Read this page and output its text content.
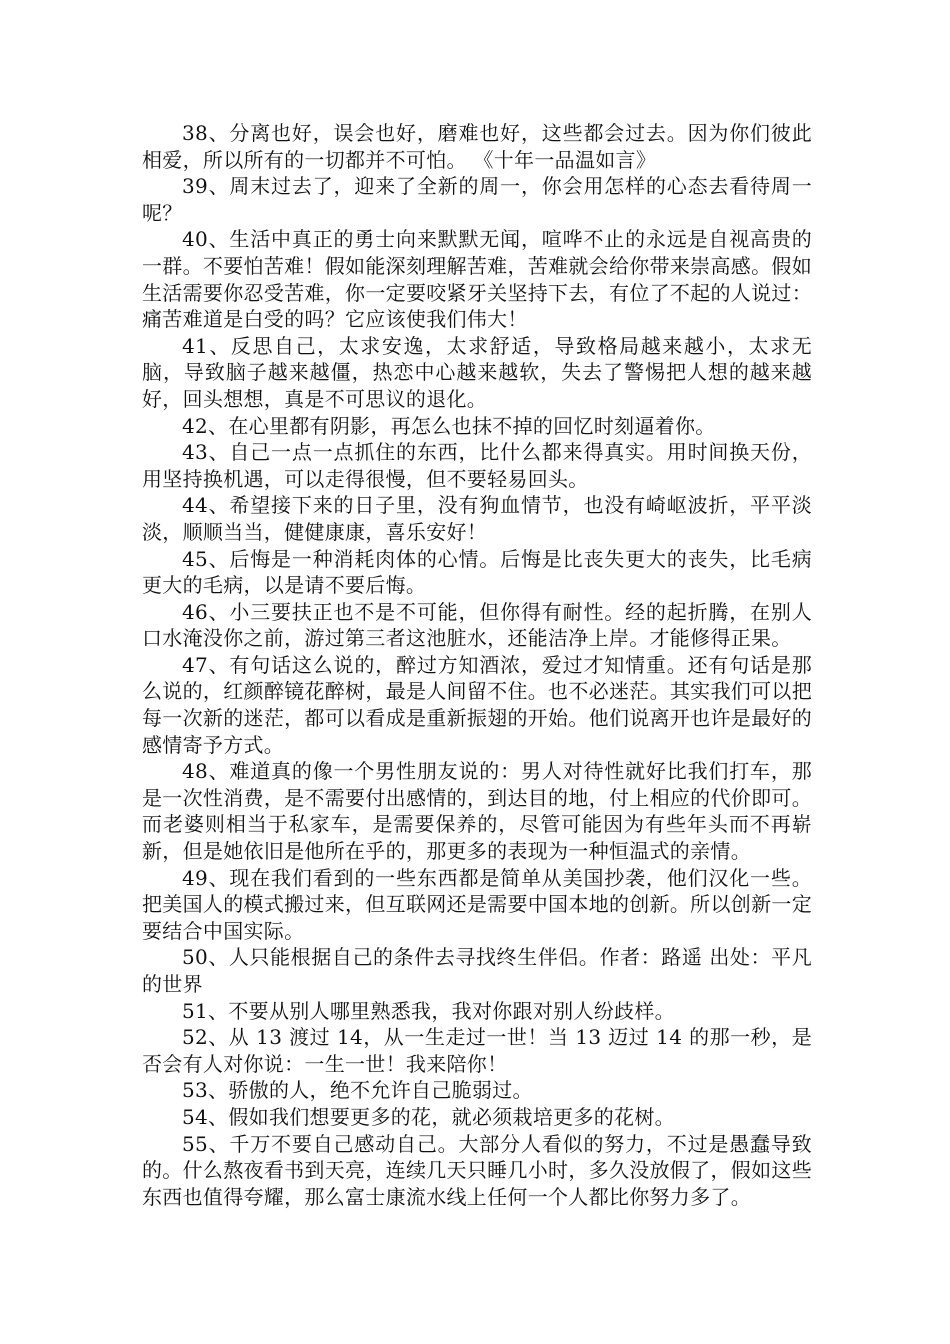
38、分离也好，误会也好，磨难也好，这些都会过去。因为你们彼此相爱，所以所有的一切都并不可怕。 《十年一品温如言》

39、周末过去了，迎来了全新的周一，你会用怎样的心态去看待周一呢？

40、生活中真正的勇士向来默默无闻，喧哗不止的永远是自视高贵的一群。不要怕苦难！假如能深刻理解苦难，苦难就会给你带来崇高感。假如生活需要你忍受苦难，你一定要咬紧牙关坚持下去，有位了不起的人说过：痛苦难道是白受的吗？它应该使我们伟大！

41、反思自己，太求安逸，太求舒适，导致格局越来越小，太求无脑，导致脑子越来越僵，热恋中心越来越软，失去了警惕把人想的越来越好，回头想想，真是不可思议的退化。

42、在心里都有阴影，再怎么也抹不掉的回忆时刻逼着你。

43、自己一点一点抓住的东西，比什么都来得真实。用时间换天份，用坚持换机遇，可以走得很慢，但不要轻易回头。

44、希望接下来的日子里，没有狗血情节，也没有崎岖波折，平平淡淡，顺顺当当，健健康康，喜乐安好！

45、后悔是一种消耗肉体的心情。后悔是比丧失更大的丧失，比毛病更大的毛病，以是请不要后悔。

46、小三要扶正也不是不可能，但你得有耐性。经的起折腾，在别人口水淹没你之前，游过第三者这池脏水，还能洁净上岸。才能修得正果。

47、有句话这么说的，醉过方知酒浓，爱过才知情重。还有句话是那么说的，红颜醉镜花醉树，最是人间留不住。也不必迷茫。其实我们可以把每一次新的迷茫，都可以看成是重新振翅的开始。他们说离开也许是最好的感情寄予方式。

48、难道真的像一个男性朋友说的：男人对待性就好比我们打车，那是一次性消费，是不需要付出感情的，到达目的地，付上相应的代价即可。而老婆则相当于私家车，是需要保养的，尽管可能因为有些年头而不再崭新，但是她依旧是他所在乎的，那更多的表现为一种恒温式的亲情。

49、现在我们看到的一些东西都是简单从美国抄袭，他们汉化一些。把美国人的模式搬过来，但互联网还是需要中国本地的创新。所以创新一定要结合中国实际。

50、人只能根据自己的条件去寻找终生伴侣。作者：路遥 出处：平凡的世界

51、不要从别人哪里熟悉我，我对你跟对别人纷歧样。

52、从 13 渡过 14，从一生走过一世！当 13 迈过 14 的那一秒，是否会有人对你说：一生一世！我来陪你！

53、骄傲的人，绝不允许自己脆弱过。

54、假如我们想要更多的花，就必须栽培更多的花树。

55、千万不要自己感动自己。大部分人看似的努力，不过是愚蠢导致的。什么熬夜看书到天亮，连续几天只睡几小时，多久没放假了，假如这些东西也值得夸耀，那么富士康流水线上任何一个人都比你努力多了。
